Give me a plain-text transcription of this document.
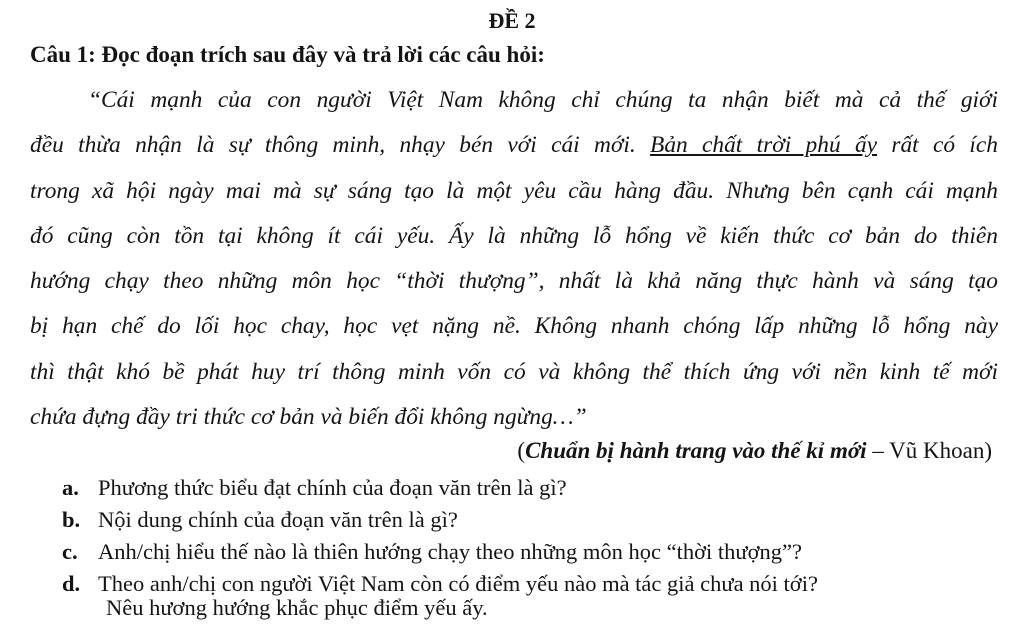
ĐỀ 2
Câu 1: Đọc đoạn trích sau đây và trả lời các câu hỏi:
“Cái mạnh của con người Việt Nam không chỉ chúng ta nhận biết mà cả thế giới
đều thừa nhận là sự thông minh, nhạy bén với cái mới. Bản chất trời phú ấy rất có ích
trong xã hội ngày mai mà sự sáng tạo là một yêu cầu hàng đầu. Nhưng bên cạnh cái mạnh
đó cũng còn tồn tại không ít cái yếu. Ấy là những lỗ hổng về kiến thức cơ bản do thiên
hướng chạy theo những môn học “thời thượng”, nhất là khả năng thực hành và sáng tạo
bị hạn chế do lối học chay, học vẹt nặng nề. Không nhanh chóng lấp những lỗ hổng này
thì thật khó bề phát huy trí thông minh vốn có và không thể thích ứng với nền kinh tế mới
chứa đựng đầy tri thức cơ bản và biến đổi không ngừng…”
(Chuẩn bị hành trang vào thế kỉ mới – Vũ Khoan)
a. Phương thức biểu đạt chính của đoạn văn trên là gì?
b. Nội dung chính của đoạn văn trên là gì?
c. Anh/chị hiểu thế nào là thiên hướng chạy theo những môn học “thời thượng”?
d. Theo anh/chị con người Việt Nam còn có điểm yếu nào mà tác giả chưa nói tới?
Nêu hương hướng khắc phục điểm yếu ấy.
